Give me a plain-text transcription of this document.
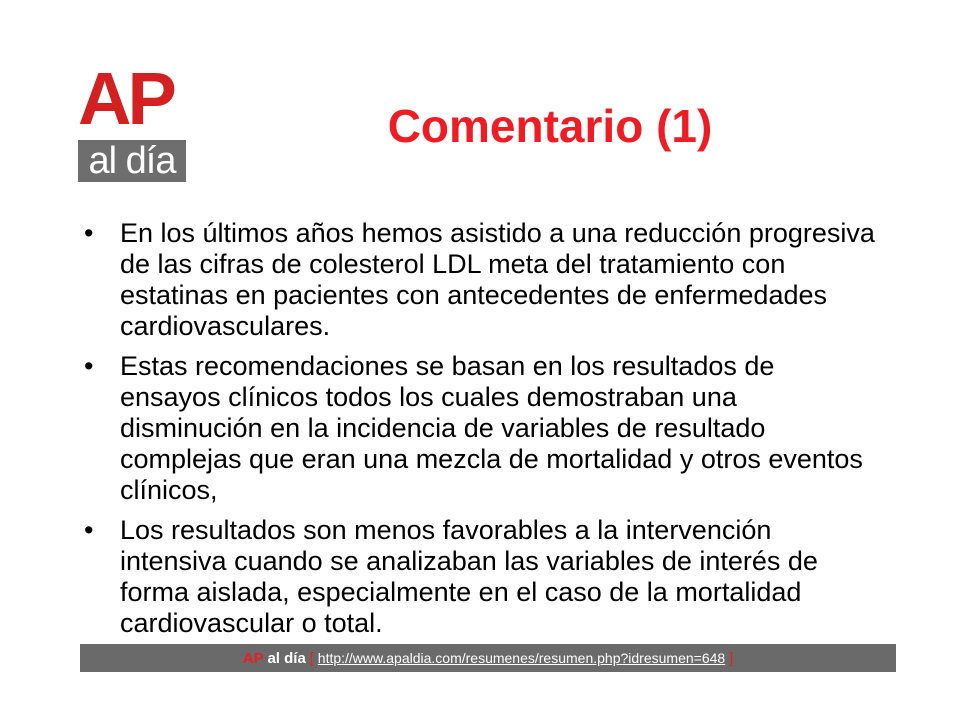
AP
al día
Comentario (1)
• En los últimos años hemos asistido a una reducción progresiva de las cifras de colesterol LDL meta del tratamiento con estatinas en pacientes con antecedentes de enfermedades cardiovasculares.
• Estas recomendaciones se basan en los resultados de ensayos clínicos todos los cuales demostraban una disminución en la incidencia de variables de resultado complejas que eran una mezcla de mortalidad y otros eventos clínicos,
• Los resultados son menos favorables a la intervención intensiva cuando se analizaban las variables de interés de forma aislada, especialmente en el caso de la mortalidad cardiovascular o total.
AP al día [ http://www.apaldia.com/resumenes/resumen.php?idresumen=648 ]
